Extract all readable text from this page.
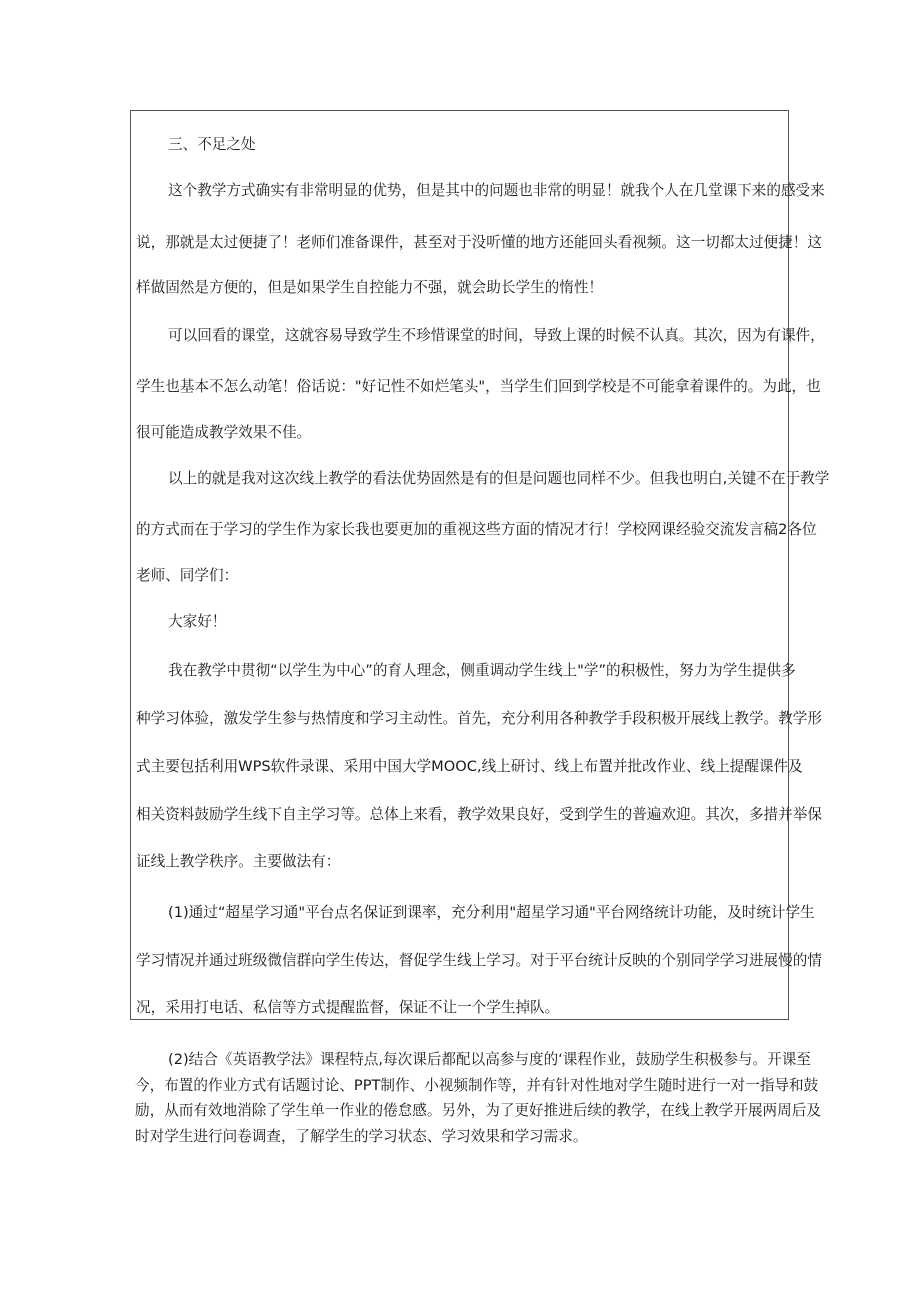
三、不足之处

这个教学方式确实有非常明显的优势，但是其中的问题也非常的明显！就我个人在几堂课下来的感受来

说，那就是太过便捷了！老师们准备课件，甚至对于没听懂的地方还能回头看视频。这一切都太过便捷！这

样做固然是方便的，但是如果学生自控能力不强，就会助长学生的惰性！

可以回看的课堂，这就容易导致学生不珍惜课堂的时间，导致上课的时候不认真。其次，因为有课件，

学生也基本不怎么动笔！俗话说："好记性不如烂笔头"，当学生们回到学校是不可能拿着课件的。为此，也

很可能造成教学效果不佳。

以上的就是我对这次线上教学的看法优势固然是有的但是问题也同样不少。但我也明白,关键不在于教学

的方式而在于学习的学生作为家长我也要更加的重视这些方面的情况才行！学校网课经验交流发言稿2各位

老师、同学们：

大家好！

我在教学中贯彻“以学生为中心”的育人理念，侧重调动学生线上"学”的积极性，努力为学生提供多

种学习体验，激发学生参与热情度和学习主动性。首先，充分利用各种教学手段积极开展线上教学。教学形

式主要包括利用WPS软件录课、采用中国大学MOOC,线上研讨、线上布置并批改作业、线上提醒课件及

相关资料鼓励学生线下自主学习等。总体上来看，教学效果良好，受到学生的普遍欢迎。其次，多措并举保

证线上教学秩序。主要做法有：

(1)通过“超星学习通"平台点名保证到课率，充分利用"超星学习通"平台网络统计功能，及时统计学生

学习情况并通过班级微信群向学生传达，督促学生线上学习。对于平台统计反映的个别同学学习进展慢的情

况，采用打电话、私信等方式提醒监督，保证不让一个学生掉队。

(2)结合《英语教学法》课程特点,每次课后都配以高参与度的‘课程作业，鼓励学生积极参与。开课至

今，布置的作业方式有话题讨论、PPT制作、小视频制作等，并有针对性地对学生随时进行一对一指导和鼓

励，从而有效地消除了学生单一作业的倦怠感。另外，为了更好推进后续的教学，在线上教学开展两周后及

时对学生进行问卷调查，了解学生的学习状态、学习效果和学习需求。
